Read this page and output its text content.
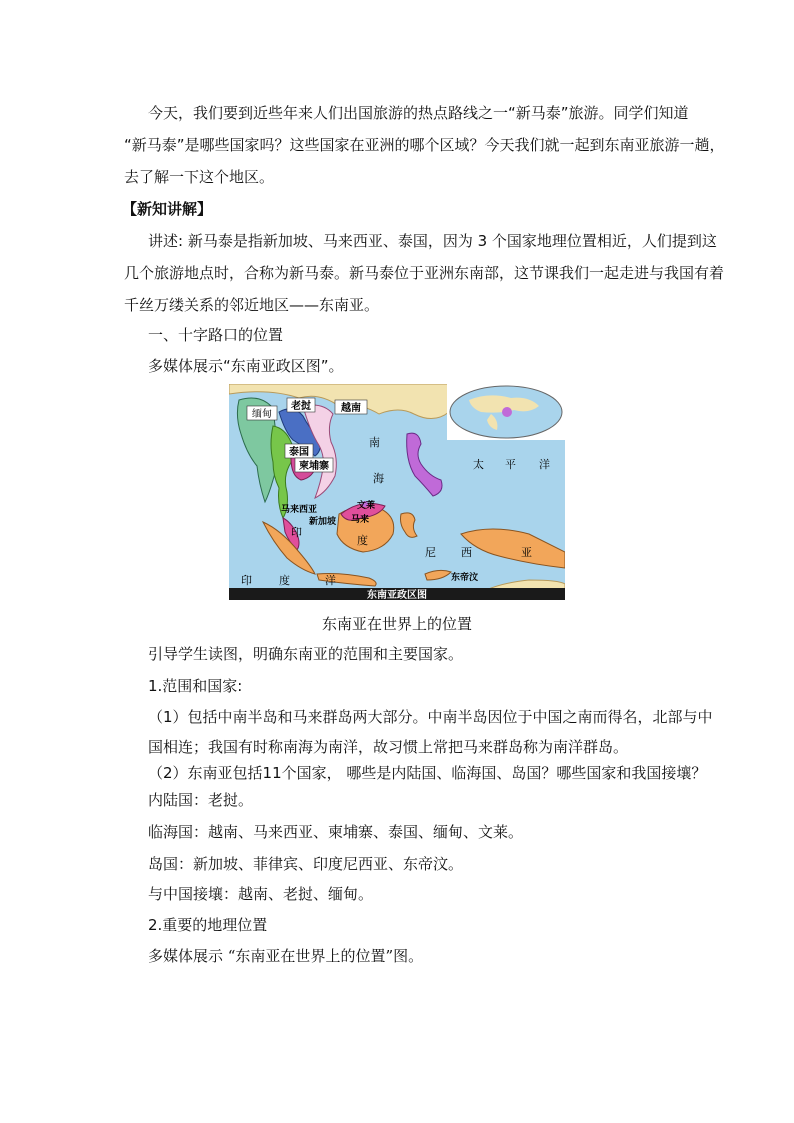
今天，我们要到近些年来人们出国旅游的热点路线之一“新马泰”旅游。同学们知道
“新马泰”是哪些国家吗？这些国家在亚洲的哪个区域？今天我们就一起到东南亚旅游一趟，
去了解一下这个地区。
【新知讲解】
讲述: 新马泰是指新加坡、马来西亚、泰国，因为 3 个国家地理位置相近，人们提到这
几个旅游地点时，合称为新马泰。新马泰位于亚洲东南部，这节课我们一起走进与我国有着
千丝万缕关系的邻近地区——东南亚。
一、十字路口的位置
多媒体展示“东南亚政区图”。
缅甸
老挝	越南
泰国
柬埔寨
马来西亚
新加坡
文莱
马来
东帝汶
南
海
太 平 洋
印
度
尼 西	亚
印 度	洋
东南亚政区图
东南亚在世界上的位置
引导学生读图，明确东南亚的范围和主要国家。
1.范围和国家:
（1）包括中南半岛和马来群岛两大部分。中南半岛因位于中国之南而得名，北部与中
国相连；我国有时称南海为南洋，故习惯上常把马来群岛称为南洋群岛。
（2）东南亚包括11个国家， 哪些是内陆国、临海国、岛国？哪些国家和我国接壤？
内陆国：老挝。
临海国：越南、马来西亚、柬埔寨、泰国、缅甸、文莱。
岛国：新加坡、菲律宾、印度尼西亚、东帝汶。
与中国接壤：越南、老挝、缅甸。
2.重要的地理位置
多媒体展示 “东南亚在世界上的位置”图。
